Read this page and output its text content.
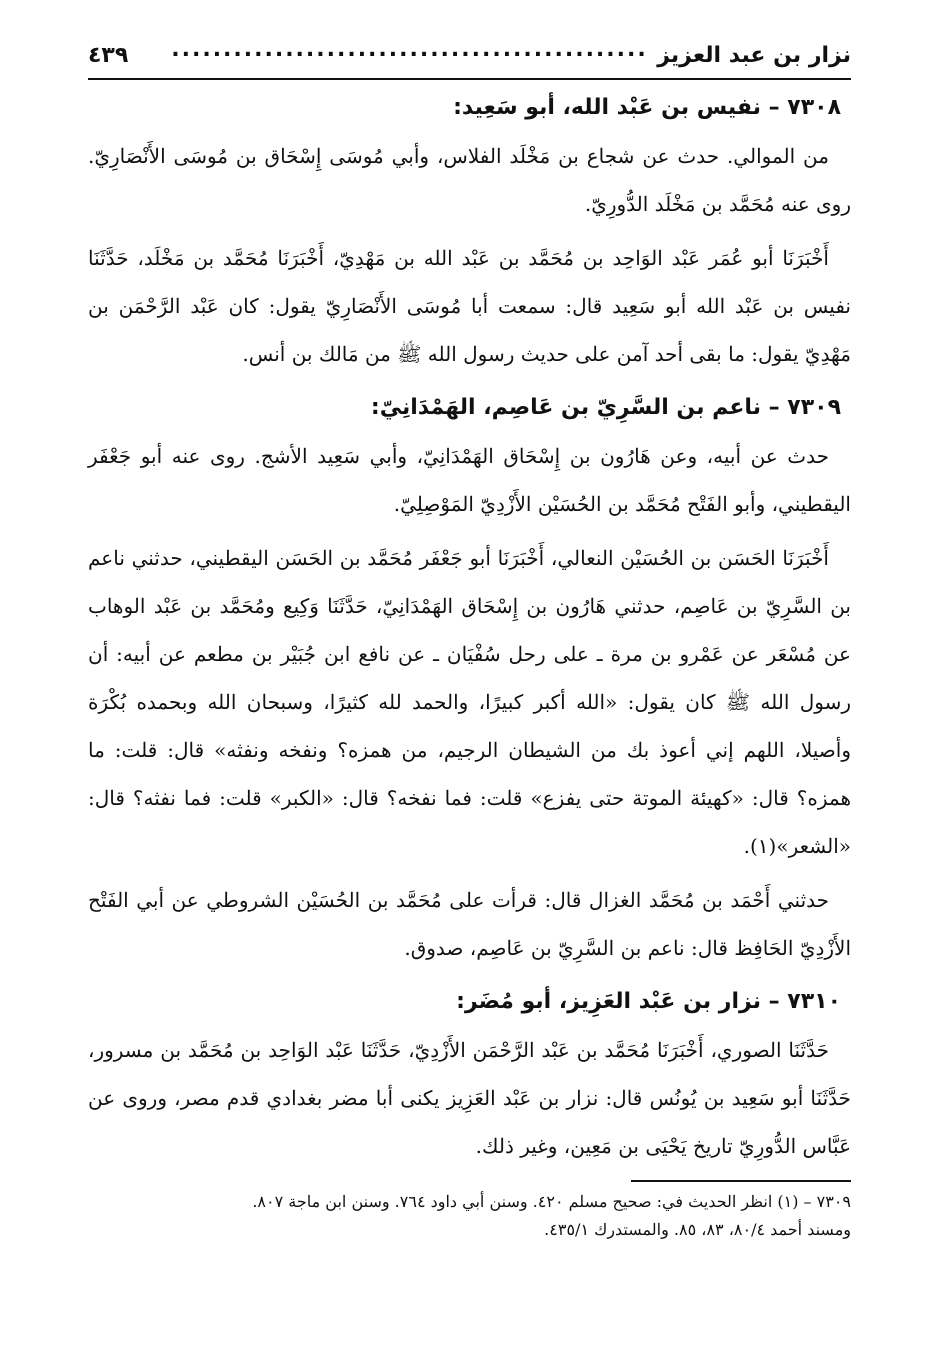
نزار بن عبد العزيز
..............................................
٤٣٩
٧٣٠٨ – نفيس بن عَبْد الله، أبو سَعِيد:

من الموالي. حدث عن شجاع بن مَخْلَد الفلاس، وأبي مُوسَى إِسْحَاق بن مُوسَى الأَنْصَارِيّ. روى عنه مُحَمَّد بن مَخْلَد الدُّورِيّ.

أَخْبَرَنَا أبو عُمَر عَبْد الوَاحِد بن مُحَمَّد بن عَبْد الله بن مَهْدِيّ، أَخْبَرَنَا مُحَمَّد بن مَخْلَد، حَدَّثَنَا نفيس بن عَبْد الله أبو سَعِيد قال: سمعت أبا مُوسَى الأَنْصَارِيّ يقول: كان عَبْد الرَّحْمَن بن مَهْدِيّ يقول: ما بقى أحد آمن على حديث رسول الله ﷺ من مَالك بن أنس.

٧٣٠٩ – ناعم بن السَّرِيّ بن عَاصِم، الهَمْدَانِيّ:

حدث عن أبيه، وعن هَارُون بن إِسْحَاق الهَمْدَانِيّ، وأبي سَعِيد الأشج. روى عنه أبو جَعْفَر اليقطيني، وأبو الفَتْح مُحَمَّد بن الحُسَيْن الأَزْدِيّ المَوْصِلِيّ.

أَخْبَرَنَا الحَسَن بن الحُسَيْن النعالي، أَخْبَرَنَا أبو جَعْفَر مُحَمَّد بن الحَسَن اليقطيني، حدثني ناعم بن السَّرِيّ بن عَاصِم، حدثني هَارُون بن إِسْحَاق الهَمْدَانِيّ، حَدَّثَنَا وَكِيع ومُحَمَّد بن عَبْد الوهاب عن مُسْعَر عن عَمْرو بن مرة ـ على رحل سُفْيَان ـ عن نافع ابن جُبَيْر بن مطعم عن أبيه: أن رسول الله ﷺ كان يقول: «الله أكبر كبيرًا، والحمد لله كثيرًا، وسبحان الله وبحمده بُكْرَة وأصيلا، اللهم إني أعوذ بك من الشيطان الرجيم، من همزه؟ ونفخه ونفثه» قال: قلت: ما همزه؟ قال: «كهيئة الموتة حتى يفزع» قلت: فما نفخه؟ قال: «الكبر» قلت: فما نفثه؟ قال: «الشعر»(١).

حدثني أَحْمَد بن مُحَمَّد الغزال قال: قرأت على مُحَمَّد بن الحُسَيْن الشروطي عن أبي الفَتْح الأَزْدِيّ الحَافِظ قال: ناعم بن السَّرِيّ بن عَاصِم، صدوق.

٧٣١٠ – نزار بن عَبْد العَزِيز، أبو مُضَر:

حَدَّثَنَا الصوري، أَخْبَرَنَا مُحَمَّد بن عَبْد الرَّحْمَن الأَزْدِيّ، حَدَّثَنَا عَبْد الوَاحِد بن مُحَمَّد بن مسرور، حَدَّثَنَا أبو سَعِيد بن يُونُس قال: نزار بن عَبْد العَزِيز يكنى أبا مضر بغدادي قدم مصر، وروى عن عَبَّاس الدُّورِيّ تاريخ يَحْيَى بن مَعِين، وغير ذلك.

٧٣٠٩ – (١) انظر الحديث في: صحيح مسلم ٤٢٠. وسنن أبي داود ٧٦٤. وسنن ابن ماجة ٨٠٧.
ومسند أحمد ٨٠/٤، ٨٣، ٨٥. والمستدرك ٤٣٥/١.
